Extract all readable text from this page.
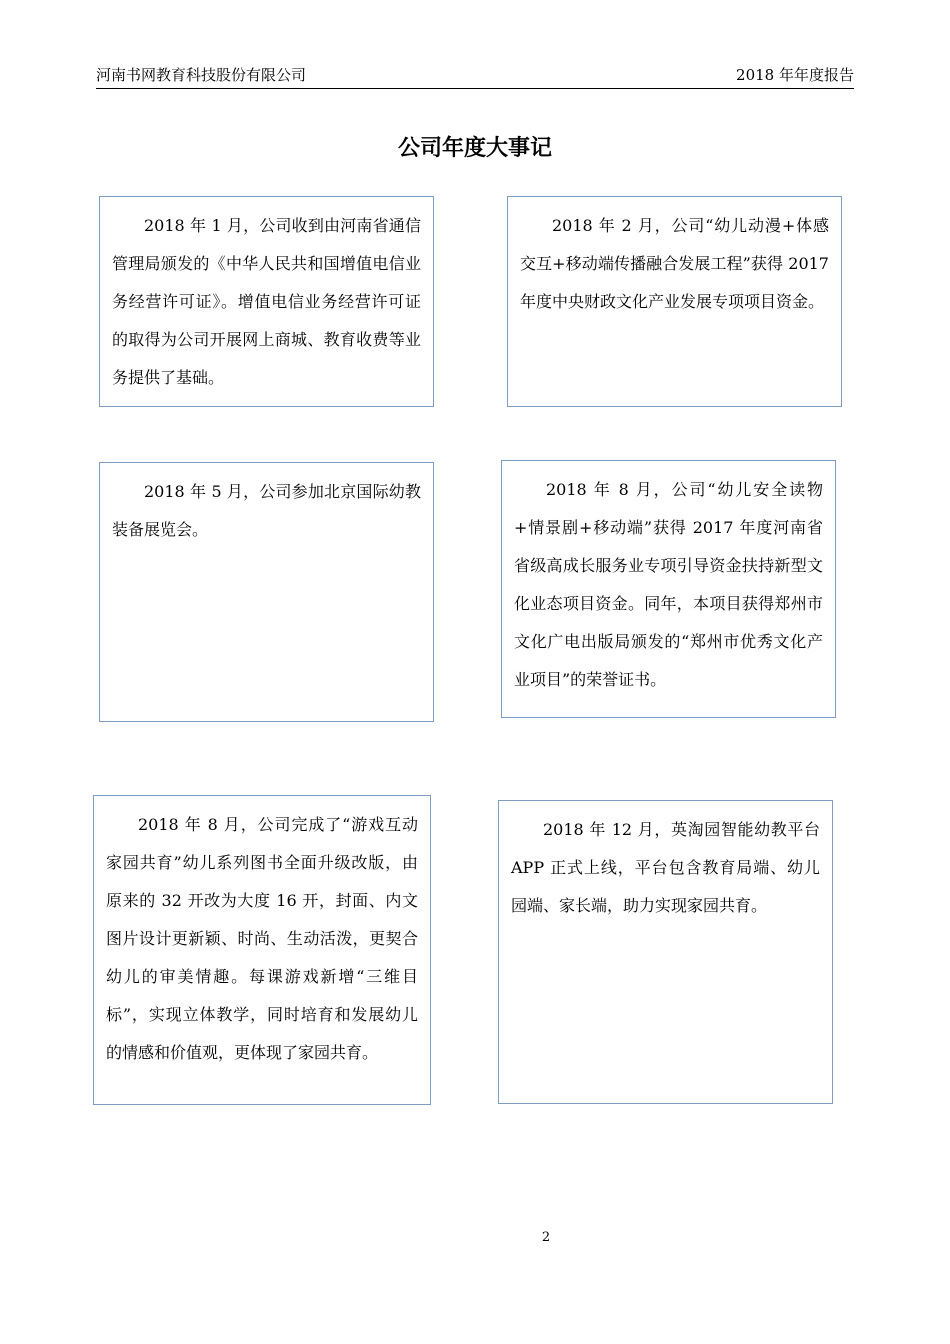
河南书网教育科技股份有限公司	2018 年年度报告
公司年度大事记

2018 年 1 月，公司收到由河南省通信管理局颁发的《中华人民共和国增值电信业务经营许可证》。增值电信业务经营许可证的取得为公司开展网上商城、教育收费等业务提供了基础。

2018 年 2 月，公司“幼儿动漫+体感交互+移动端传播融合发展工程”获得 2017 年度中央财政文化产业发展专项项目资金。

2018 年 5 月，公司参加北京国际幼教装备展览会。

2018 年 8 月，公司“幼儿安全读物+情景剧+移动端”获得 2017 年度河南省省级高成长服务业专项引导资金扶持新型文化业态项目资金。同年，本项目获得郑州市文化广电出版局颁发的“郑州市优秀文化产业项目”的荣誉证书。

2018 年 8 月，公司完成了“游戏互动 家园共育”幼儿系列图书全面升级改版，由原来的 32 开改为大度 16 开，封面、内文图片设计更新颖、时尚、生动活泼，更契合幼儿的审美情趣。每课游戏新增“三维目标”，实现立体教学，同时培育和发展幼儿的情感和价值观，更体现了家园共育。

2018 年 12 月，英淘园智能幼教平台 APP 正式上线，平台包含教育局端、幼儿园端、家长端，助力实现家园共育。

2
